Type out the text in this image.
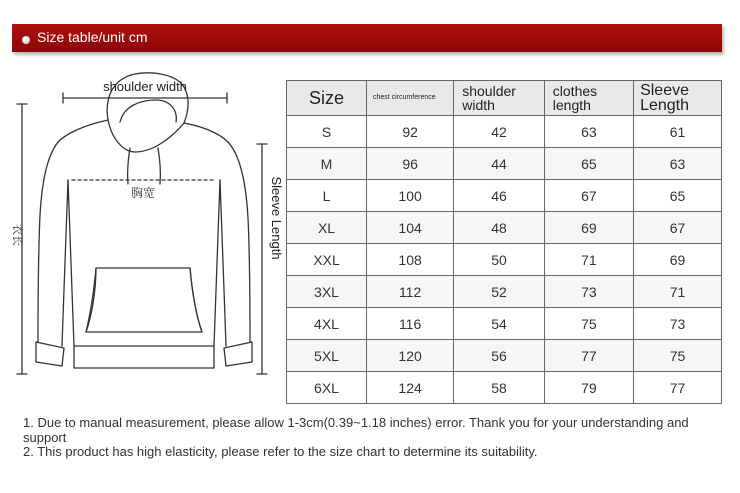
Size table/unit cm
shoulder width
胸宽
衣长	Sleeve Length
Size	chest circumference	shoulder width	clothes length	Sleeve Length
S	92	42	63	61
M	96	44	65	63
L	100	46	67	65
XL	104	48	69	67
XXL	108	50	71	69
3XL	112	52	73	71
4XL	116	54	75	73
5XL	120	56	77	75
6XL	124	58	79	77

1. Due to manual measurement, please allow 1-3cm(0.39~1.18 inches) error. Thank you for your understanding and support

2. This product has high elasticity, please refer to the size chart to determine its suitability.
